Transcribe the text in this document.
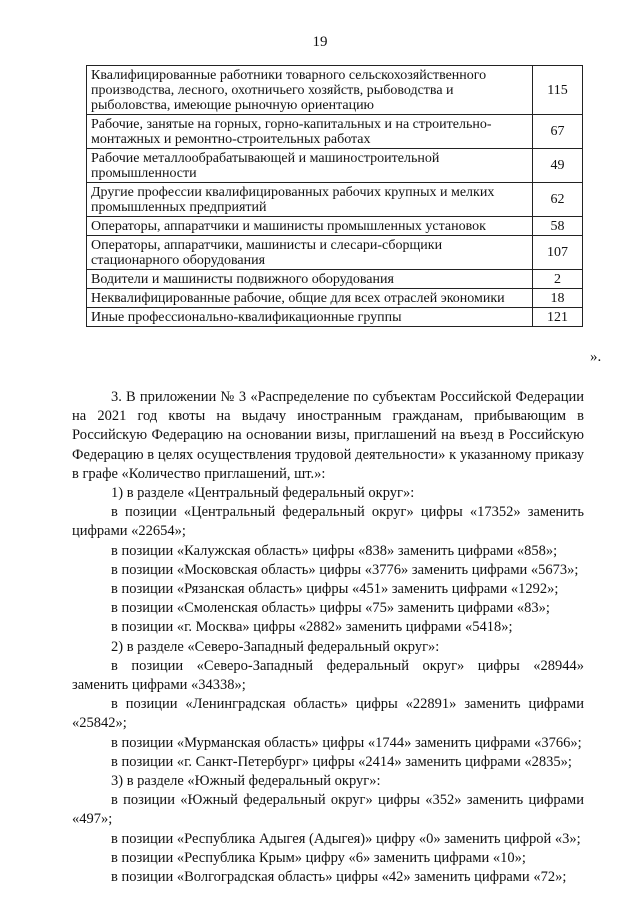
19
Квалифицированные работники товарного сельскохозяйственного производства, лесного, охотничьего хозяйств, рыбоводства и рыболовства, имеющие рыночную ориентацию	115
Рабочие, занятые на горных, горно-капитальных и на строительно-монтажных и ремонтно-строительных работах	67
Рабочие металлообрабатывающей и машиностроительной промышленности	49
Другие профессии квалифицированных рабочих крупных и мелких промышленных предприятий	62
Операторы, аппаратчики и машинисты промышленных установок	58
Операторы, аппаратчики, машинисты и слесари-сборщики стационарного оборудования	107
Водители и машинисты подвижного оборудования	2
Неквалифицированные рабочие, общие для всех отраслей экономики	18
Иные профессионально-квалификационные группы	121
».

3. В приложении № 3 «Распределение по субъектам Российской Федерации на 2021 год квоты на выдачу иностранным гражданам, прибывающим в Российскую Федерацию на основании визы, приглашений на въезд в Российскую Федерацию в целях осуществления трудовой деятельности» к указанному приказу в графе «Количество приглашений, шт.»:

1) в разделе «Центральный федеральный округ»:

в позиции «Центральный федеральный округ» цифры «17352» заменить цифрами «22654»;

в позиции «Калужская область» цифры «838» заменить цифрами «858»;

в позиции «Московская область» цифры «3776» заменить цифрами «5673»;

в позиции «Рязанская область» цифры «451» заменить цифрами «1292»;

в позиции «Смоленская область» цифры «75» заменить цифрами «83»;

в позиции «г. Москва» цифры «2882» заменить цифрами «5418»;

2) в разделе «Северо-Западный федеральный округ»:

в позиции «Северо-Западный федеральный округ» цифры «28944» заменить цифрами «34338»;

в позиции «Ленинградская область» цифры «22891» заменить цифрами «25842»;

в позиции «Мурманская область» цифры «1744» заменить цифрами «3766»;

в позиции «г. Санкт-Петербург» цифры «2414» заменить цифрами «2835»;

3) в разделе «Южный федеральный округ»:

в позиции «Южный федеральный округ» цифры «352» заменить цифрами «497»;

в позиции «Республика Адыгея (Адыгея)» цифру «0» заменить цифрой «3»;

в позиции «Республика Крым» цифру «6» заменить цифрами «10»;

в позиции «Волгоградская область» цифры «42» заменить цифрами «72»;
